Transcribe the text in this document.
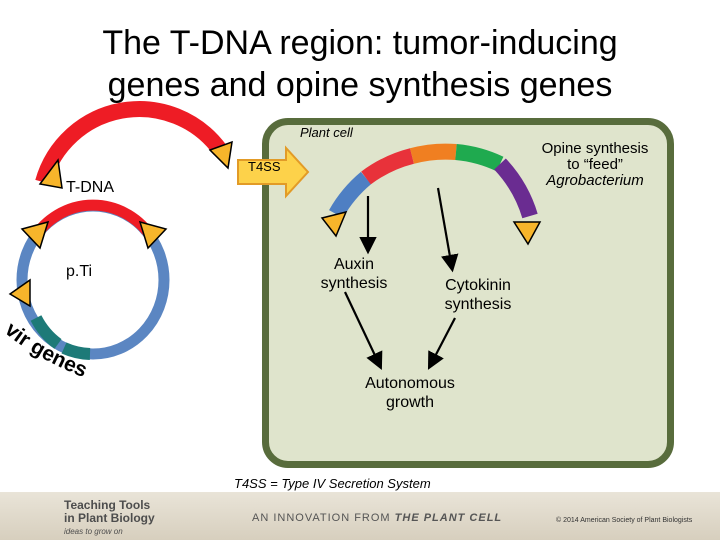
The T-DNA region: tumor-inducing
genes and opine synthesis genes
Plant cell
Opine synthesis
to “feed”
Agrobacterium
T-DNA
p.Ti
T4SS
Auxin synthesis	Cytokinin synthesis
Autonomous growth
T4SS = Type IV Secretion System
vir genes
Teaching Tools
in Plant Biology
ideas to grow on
AN INNOVATION FROM THE PLANT CELL	© 2014 American Society of Plant Biologists
